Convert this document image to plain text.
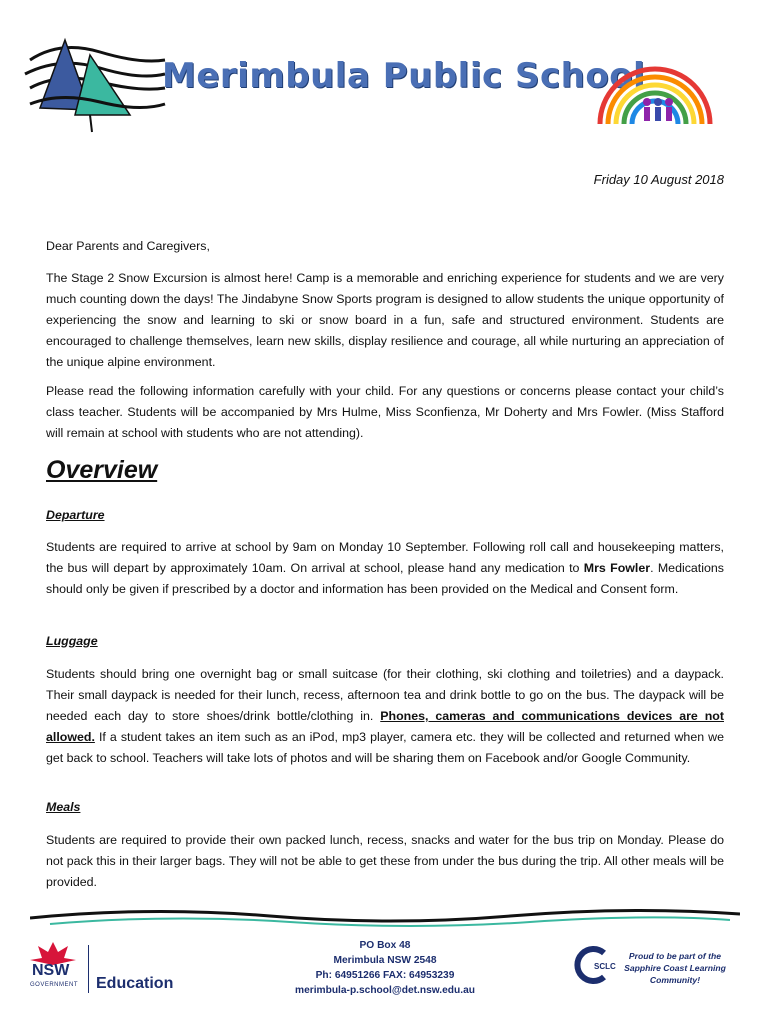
Merimbula Public School
Friday 10 August 2018
Dear Parents and Caregivers,

The Stage 2 Snow Excursion is almost here! Camp is a memorable and enriching experience for students and we are very much counting down the days! The Jindabyne Snow Sports program is designed to allow students the unique opportunity of experiencing the snow and learning to ski or snow board in a fun, safe and structured environment. Students are encouraged to challenge themselves, learn new skills, display resilience and courage, all while nurturing an appreciation of the unique alpine environment.

Please read the following information carefully with your child. For any questions or concerns please contact your child’s class teacher. Students will be accompanied by Mrs Hulme, Miss Sconfienza, Mr Doherty and Mrs Fowler. (Miss Stafford will remain at school with students who are not attending).

Overview
Departure

Students are required to arrive at school by 9am on Monday 10 September. Following roll call and housekeeping matters, the bus will depart by approximately 10am. On arrival at school, please hand any medication to Mrs Fowler. Medications should only be given if prescribed by a doctor and information has been provided on the Medical and Consent form.

Luggage

Students should bring one overnight bag or small suitcase (for their clothing, ski clothing and toiletries) and a daypack. Their small daypack is needed for their lunch, recess, afternoon tea and drink bottle to go on the bus. The daypack will be needed each day to store shoes/drink bottle/clothing in. Phones, cameras and communications devices are not allowed. If a student takes an item such as an iPod, mp3 player, camera etc. they will be collected and returned when we get back to school. Teachers will take lots of photos and will be sharing them on Facebook and/or Google Community.

Meals

Students are required to provide their own packed lunch, recess, snacks and water for the bus trip on Monday. Please do not pack this in their larger bags. They will not be able to get these from under the bus during the trip. All other meals will be provided.

NSW
GOVERNMENT Education
PO Box 48
Merimbula NSW 2548
Ph: 64951266 FAX: 64953239
merimbula-p.school@det.nsw.edu.au
SCLC
Proud to be part of the Sapphire Coast Learning Community!
